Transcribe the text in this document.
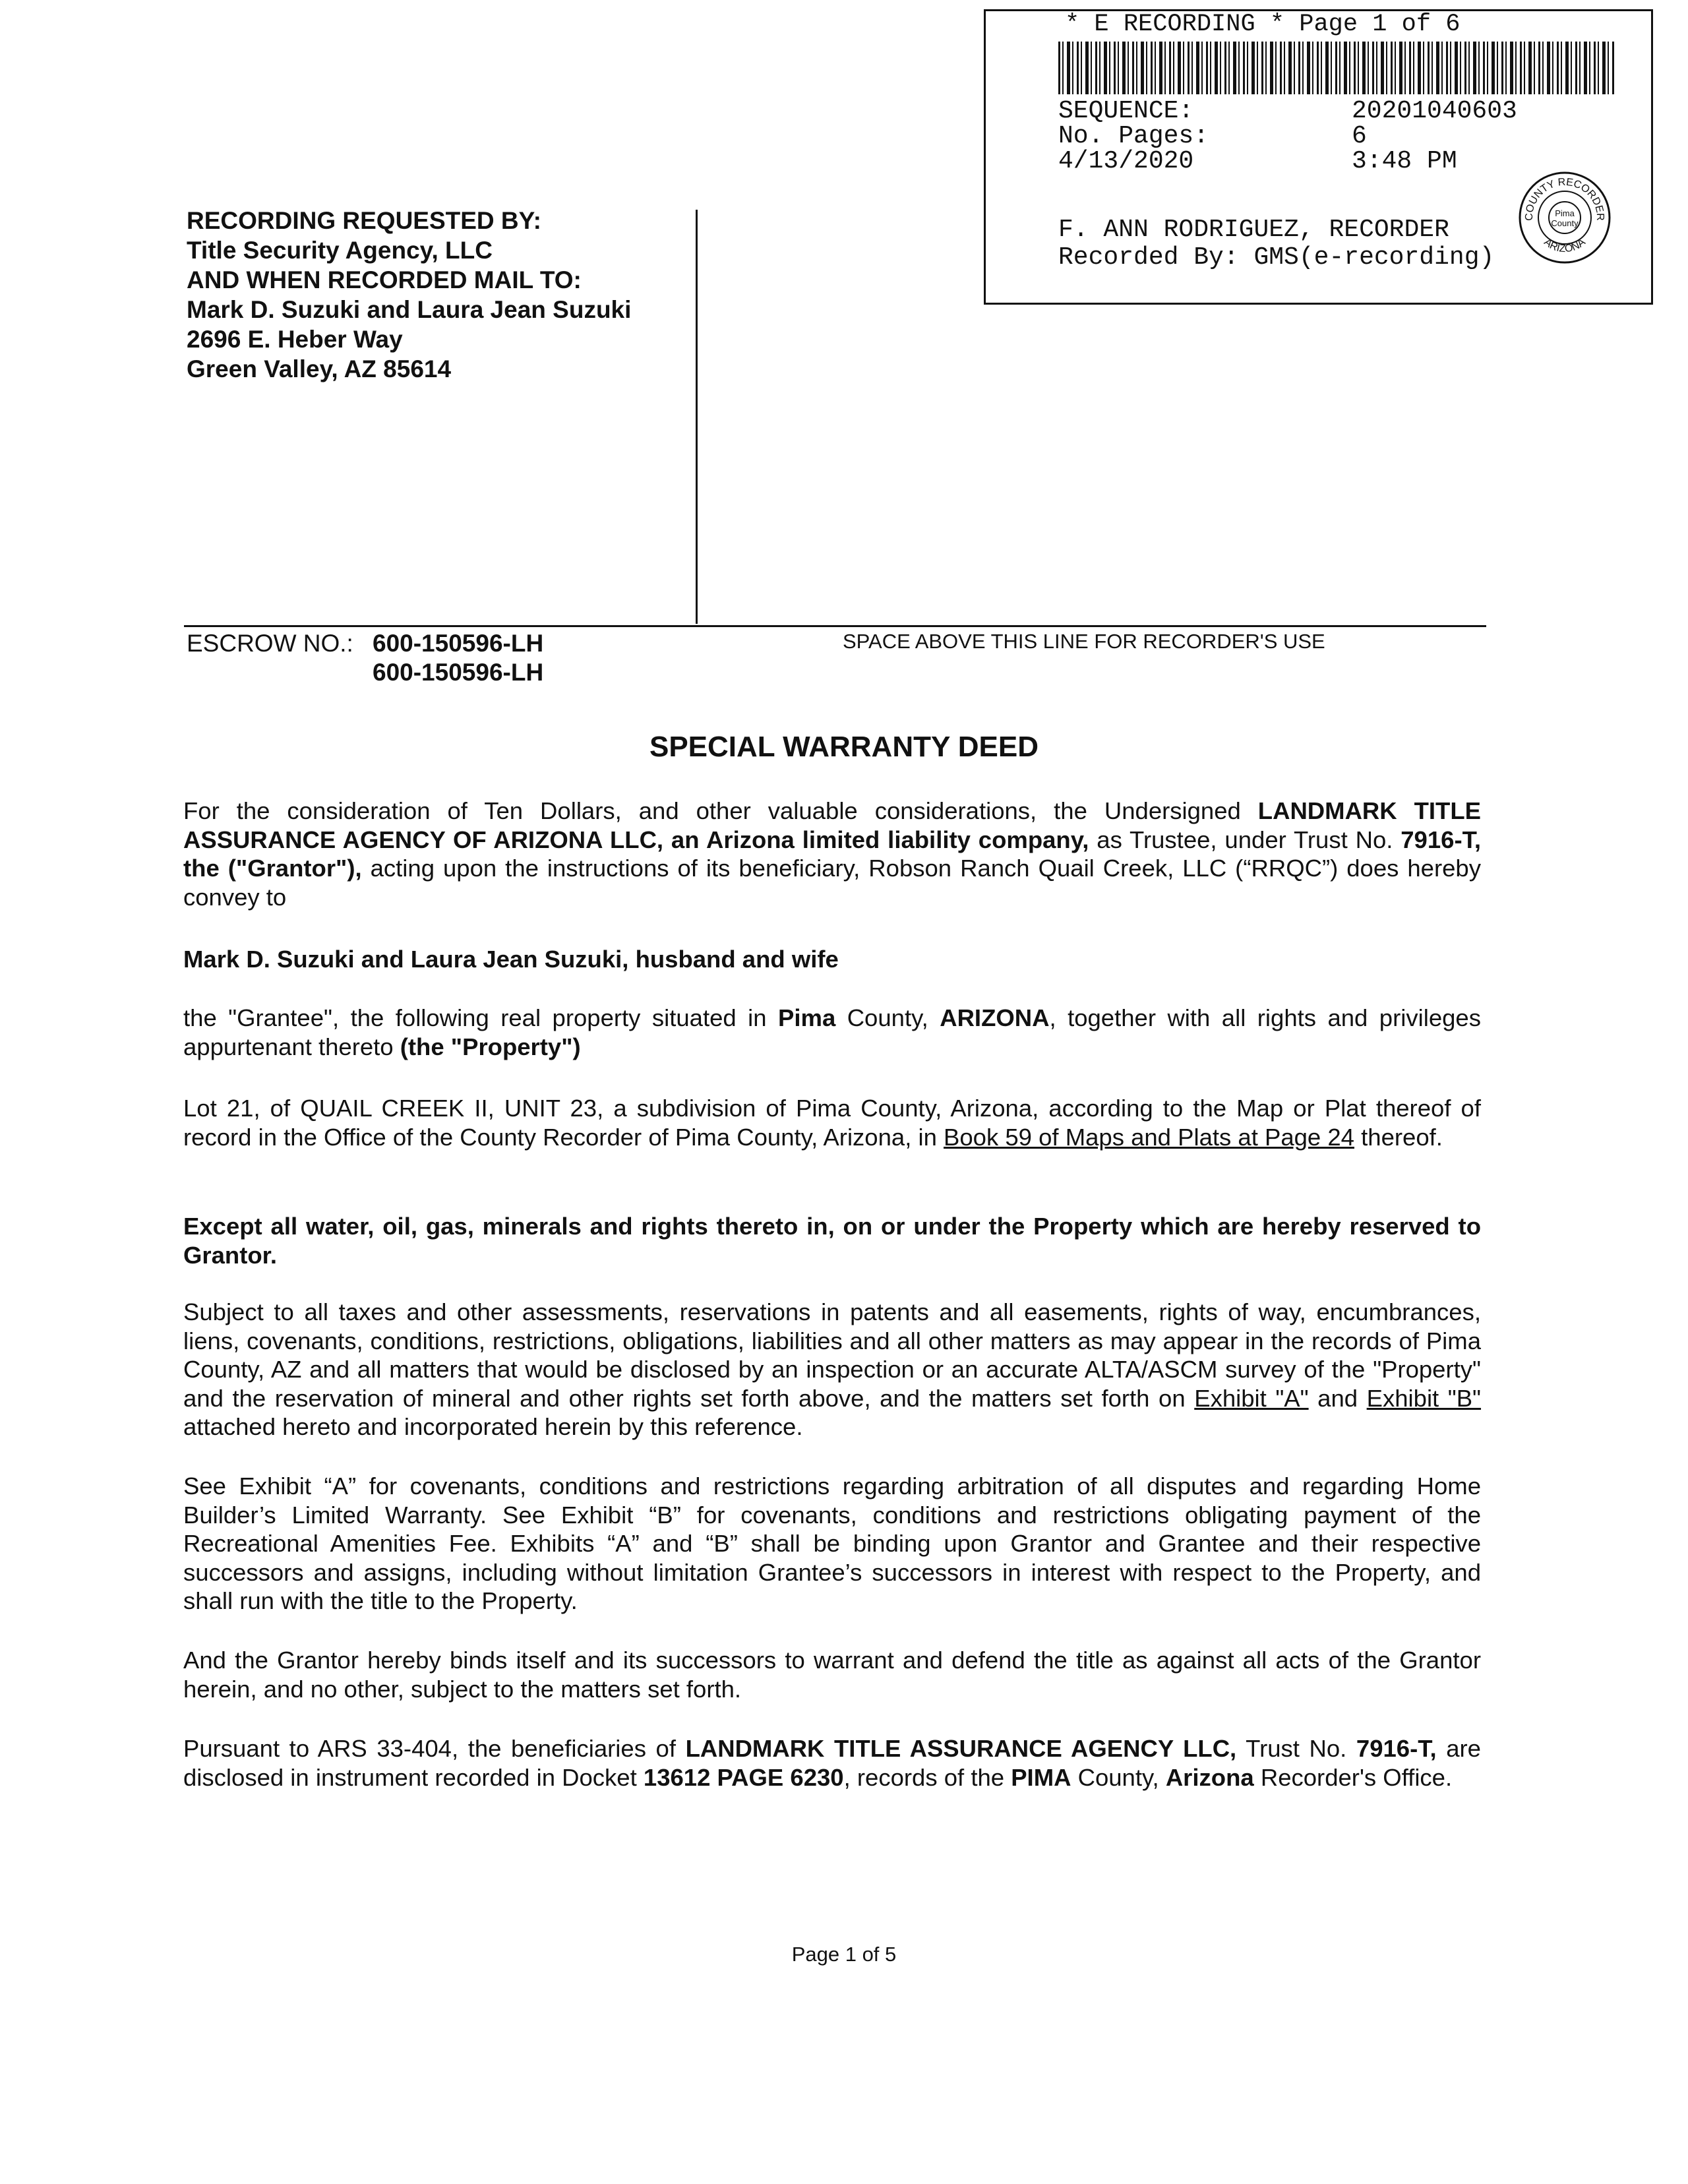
* E RECORDING * Page 1 of 6
SEQUENCE:	20201040603
No. Pages:	6
4/13/2020	3:48 PM
F. ANN RODRIGUEZ, RECORDER
Recorded By: GMS(e-recording)
COUNTY RECORDER
ARIZONA
Pima
County
RECORDING REQUESTED BY:
Title Security Agency, LLC
AND WHEN RECORDED MAIL TO:
Mark D. Suzuki and Laura Jean Suzuki
2696 E. Heber Way
Green Valley, AZ 85614
ESCROW NO.: 600-150596-LH
600-150596-LH
SPACE ABOVE THIS LINE FOR RECORDER'S USE
SPECIAL WARRANTY DEED
For the consideration of Ten Dollars, and other valuable considerations, the Undersigned LANDMARK TITLE ASSURANCE AGENCY OF ARIZONA LLC, an Arizona limited liability company, as Trustee, under Trust No. 7916-T, the ("Grantor"), acting upon the instructions of its beneficiary, Robson Ranch Quail Creek, LLC (“RRQC”) does hereby convey to
Mark D. Suzuki and Laura Jean Suzuki, husband and wife
the "Grantee", the following real property situated in Pima County, ARIZONA, together with all rights and privileges appurtenant thereto (the "Property")
Lot 21, of QUAIL CREEK II, UNIT 23, a subdivision of Pima County, Arizona, according to the Map or Plat thereof of record in the Office of the County Recorder of Pima County, Arizona, in Book 59 of Maps and Plats at Page 24 thereof.
Except all water, oil, gas, minerals and rights thereto in, on or under the Property which are hereby reserved to Grantor.
Subject to all taxes and other assessments, reservations in patents and all easements, rights of way, encumbrances, liens, covenants, conditions, restrictions, obligations, liabilities and all other matters as may appear in the records of Pima County, AZ and all matters that would be disclosed by an inspection or an accurate ALTA/ASCM survey of the "Property" and the reservation of mineral and other rights set forth above, and the matters set forth on Exhibit "A" and Exhibit "B" attached hereto and incorporated herein by this reference.
See Exhibit “A” for covenants, conditions and restrictions regarding arbitration of all disputes and regarding Home Builder’s Limited Warranty. See Exhibit “B” for covenants, conditions and restrictions obligating payment of the Recreational Amenities Fee. Exhibits “A” and “B” shall be binding upon Grantor and Grantee and their respective successors and assigns, including without limitation Grantee’s successors in interest with respect to the Property, and shall run with the title to the Property.
And the Grantor hereby binds itself and its successors to warrant and defend the title as against all acts of the Grantor herein, and no other, subject to the matters set forth.
Pursuant to ARS 33-404, the beneficiaries of LANDMARK TITLE ASSURANCE AGENCY LLC, Trust No. 7916-T, are disclosed in instrument recorded in Docket 13612 PAGE 6230, records of the PIMA County, Arizona Recorder's Office.
Page 1 of 5
